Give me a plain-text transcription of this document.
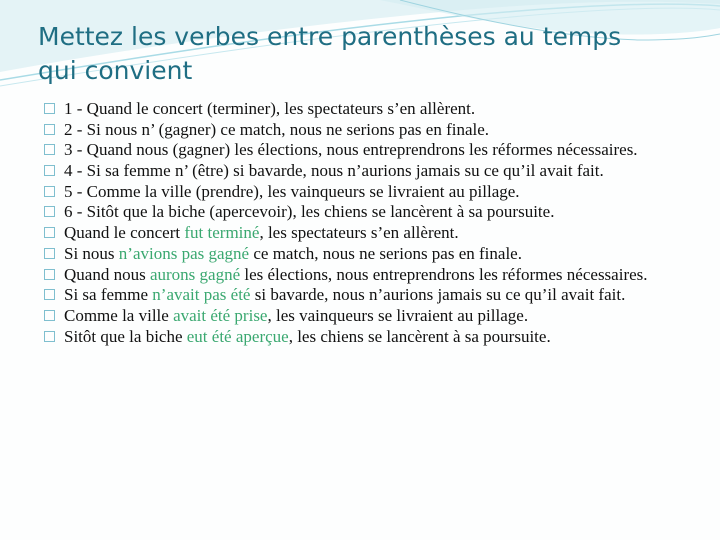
Mettez les verbes entre parenthèses au temps qui convient
1 - Quand le concert (terminer), les spectateurs s’en allèrent.
2 - Si nous n’ (gagner) ce match, nous ne serions pas en finale.
3 - Quand nous (gagner) les élections, nous entreprendrons les réformes nécessaires.
4 - Si sa femme n’ (être) si bavarde, nous n’aurions jamais su ce qu’il avait fait.
5 - Comme la ville (prendre), les vainqueurs se livraient au pillage.
6 - Sitôt que la biche (apercevoir), les chiens se lancèrent à sa poursuite.
Quand le concert fut terminé, les spectateurs s’en allèrent.
Si nous n’avions pas gagné ce match, nous ne serions pas en finale.
Quand nous aurons gagné les élections, nous entreprendrons les réformes nécessaires.
Si sa femme n’avait pas été si bavarde, nous n’aurions jamais su ce qu’il avait fait.
Comme la ville avait été prise, les vainqueurs se livraient au pillage.
Sitôt que la biche eut été aperçue, les chiens se lancèrent à sa poursuite.
